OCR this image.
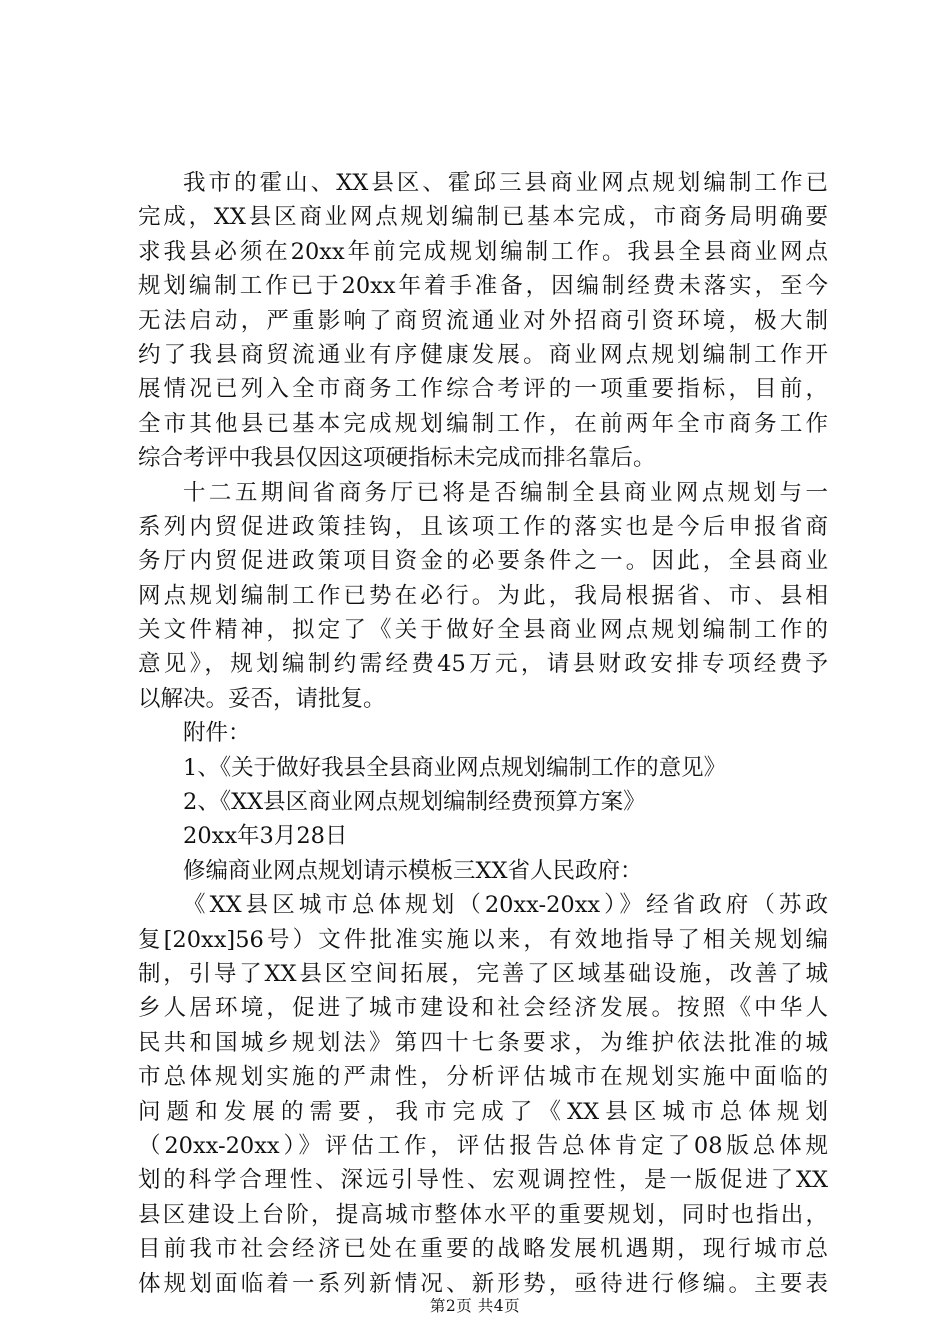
我市的霍山、XX县区、霍邱三县商业网点规划编制工作已
完成，XX县区商业网点规划编制已基本完成，市商务局明确要
求我县必须在20xx年前完成规划编制工作。我县全县商业网点
规划编制工作已于20xx年着手准备，因编制经费未落实，至今
无法启动，严重影响了商贸流通业对外招商引资环境，极大制
约了我县商贸流通业有序健康发展。商业网点规划编制工作开
展情况已列入全市商务工作综合考评的一项重要指标，目前，
全市其他县已基本完成规划编制工作，在前两年全市商务工作
综合考评中我县仅因这项硬指标未完成而排名靠后。
十二五期间省商务厅已将是否编制全县商业网点规划与一
系列内贸促进政策挂钩，且该项工作的落实也是今后申报省商
务厅内贸促进政策项目资金的必要条件之一。因此，全县商业
网点规划编制工作已势在必行。为此，我局根据省、市、县相
关文件精神，拟定了《关于做好全县商业网点规划编制工作的
意见》，规划编制约需经费45万元，请县财政安排专项经费予
以解决。妥否，请批复。
附件：
1、《关于做好我县全县商业网点规划编制工作的意见》
2、《XX县区商业网点规划编制经费预算方案》
20xx年3月28日
修编商业网点规划请示模板三XX省人民政府：
《XX县区城市总体规划（20xx-20xx）》经省政府（苏政
复[20xx]56号）文件批准实施以来，有效地指导了相关规划编
制，引导了XX县区空间拓展，完善了区域基础设施，改善了城
乡人居环境，促进了城市建设和社会经济发展。按照《中华人
民共和国城乡规划法》第四十七条要求，为维护依法批准的城
市总体规划实施的严肃性，分析评估城市在规划实施中面临的
问题和发展的需要，我市完成了《XX县区城市总体规划
（20xx-20xx）》评估工作，评估报告总体肯定了08版总体规
划的科学合理性、深远引导性、宏观调控性，是一版促进了XX
县区建设上台阶，提高城市整体水平的重要规划，同时也指出，
目前我市社会经济已处在重要的战略发展机遇期，现行城市总
体规划面临着一系列新情况、新形势，亟待进行修编。主要表
第2页 共4页
